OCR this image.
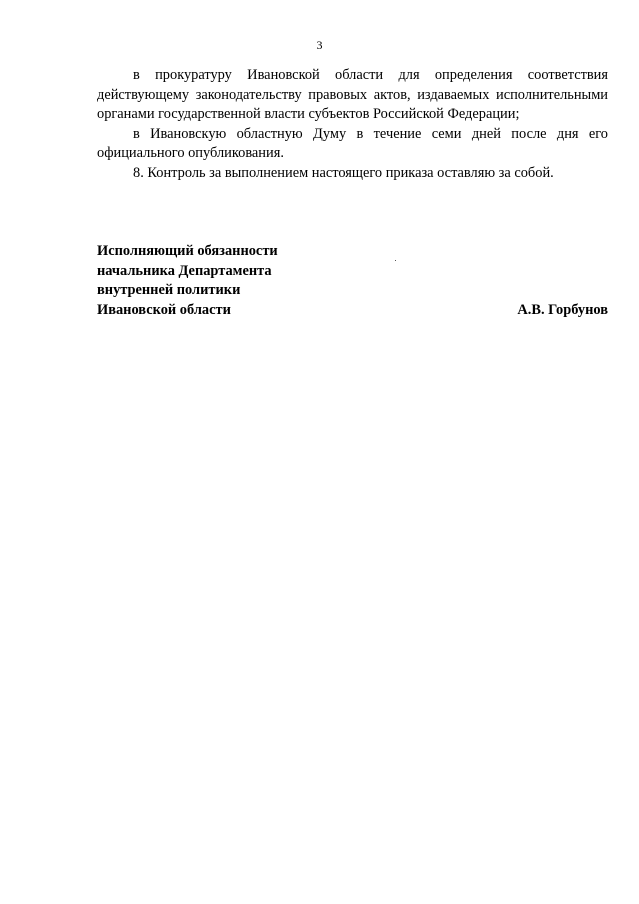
3

в прокуратуру Ивановской области для определения соответствия действующему законодательству правовых актов, издаваемых исполнительными органами государственной власти субъектов Российской Федерации;

в Ивановскую областную Думу в течение семи дней после дня его официального опубликования.

8. Контроль за выполнением настоящего приказа оставляю за собой.

Исполняющий обязанности
начальника Департамента
внутренней политики
Ивановской области	А.В. Горбунов
